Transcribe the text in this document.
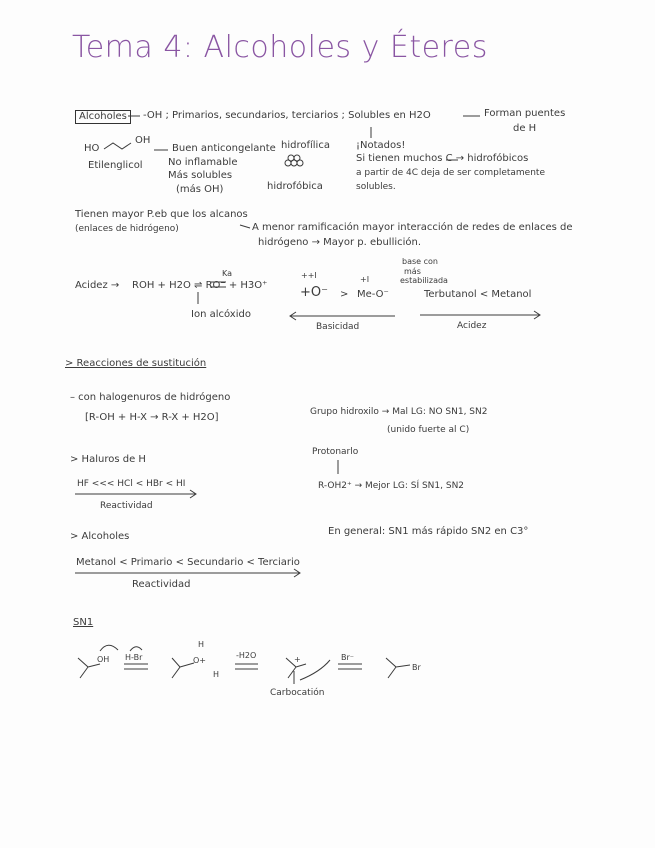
Tema 4: Alcoholes y Éteres
Alcoholes	-OH ; Primarios, secundarios, terciarios ; Solubles en H2O	Forman puentes
de H
HO
OH
Etilenglicol
Buen anticongelante
No inflamable
Más solubles
(más OH)
hidrofílica
hidrofóbica
¡Notados!
Si tienen muchos C → hidrofóbicos
a partir de 4C deja de ser completamente
solubles.
Tienen mayor P.eb que los alcanos
(enlaces de hidrógeno)	A menor ramificación mayor interacción de redes de enlaces de
hidrógeno → Mayor p. ebullición.
Acidez → ROH + H2O ⇌ RO⁻ + H3O⁺
Ka
Ion alcóxido
++I	+I
+O⁻ > Me-O⁻
base con
más
estabilizada
Terbutanol < Metanol
Basicidad	Acidez
> Reacciones de sustitución
– con halogenuros de hidrógeno
[R-OH + H-X → R-X + H2O]	Grupo hidroxilo → Mal LG: NO SN1, SN2
(unido fuerte al C)
Protonarlo
R-OH2⁺ → Mejor LG: SÍ SN1, SN2
> Haluros de H
HF <<< HCl < HBr < HI
Reactividad
En general: SN1 más rápido SN2 en C3°
> Alcoholes
Metanol < Primario < Secundario < Terciario
Reactividad
SN1
OH H-Br
H
O+
H
-H2O	+	Br⁻
Br
Carbocatión
